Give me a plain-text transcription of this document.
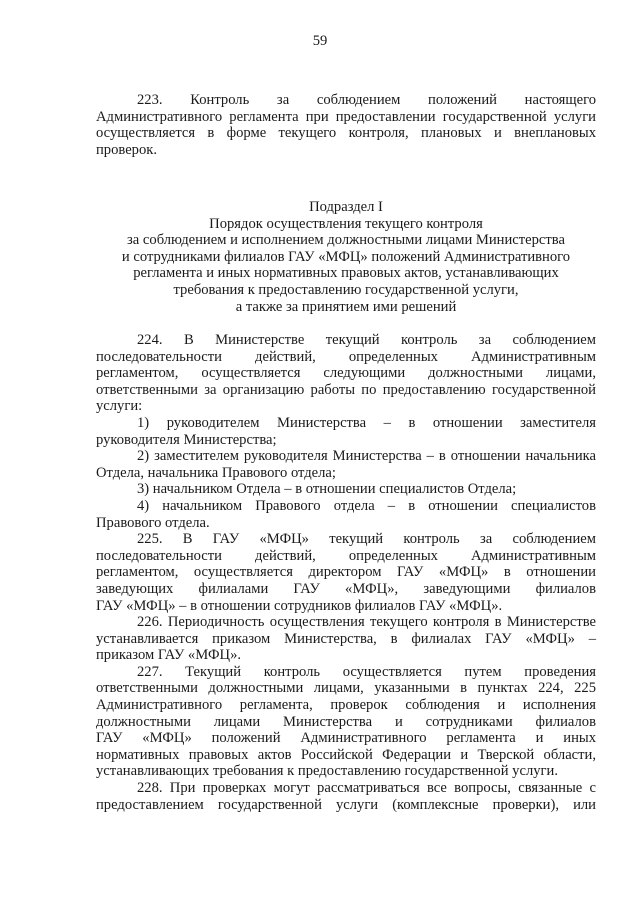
59
223. Контроль за соблюдением положений настоящего
Административного регламента при предоставлении государственной услуги
осуществляется в форме текущего контроля, плановых и внеплановых
проверок.
Подраздел I
Порядок осуществления текущего контроля
за соблюдением и исполнением должностными лицами Министерства
и сотрудниками филиалов ГАУ «МФЦ» положений Административного
регламента и иных нормативных правовых актов, устанавливающих
требования к предоставлению государственной услуги,
а также за принятием ими решений
224. В Министерстве текущий контроль за соблюдением
последовательности действий, определенных Административным
регламентом, осуществляется следующими должностными лицами,
ответственными за организацию работы по предоставлению государственной
услуги:
1) руководителем Министерства – в отношении заместителя
руководителя Министерства;
2) заместителем руководителя Министерства – в отношении начальника
Отдела, начальника Правового отдела;
3) начальником Отдела – в отношении специалистов Отдела;
4) начальником Правового отдела – в отношении специалистов
Правового отдела.
225. В ГАУ «МФЦ» текущий контроль за соблюдением
последовательности действий, определенных Административным
регламентом, осуществляется директором ГАУ «МФЦ» в отношении
заведующих филиалами ГАУ «МФЦ», заведующими филиалов
ГАУ «МФЦ» – в отношении сотрудников филиалов ГАУ «МФЦ».
226. Периодичность осуществления текущего контроля в Министерстве
устанавливается приказом Министерства, в филиалах ГАУ «МФЦ» –
приказом ГАУ «МФЦ».
227. Текущий контроль осуществляется путем проведения
ответственными должностными лицами, указанными в пунктах 224, 225
Административного регламента, проверок соблюдения и исполнения
должностными лицами Министерства и сотрудниками филиалов
ГАУ «МФЦ» положений Административного регламента и иных
нормативных правовых актов Российской Федерации и Тверской области,
устанавливающих требования к предоставлению государственной услуги.
228. При проверках могут рассматриваться все вопросы, связанные с
предоставлением государственной услуги (комплексные проверки), или
